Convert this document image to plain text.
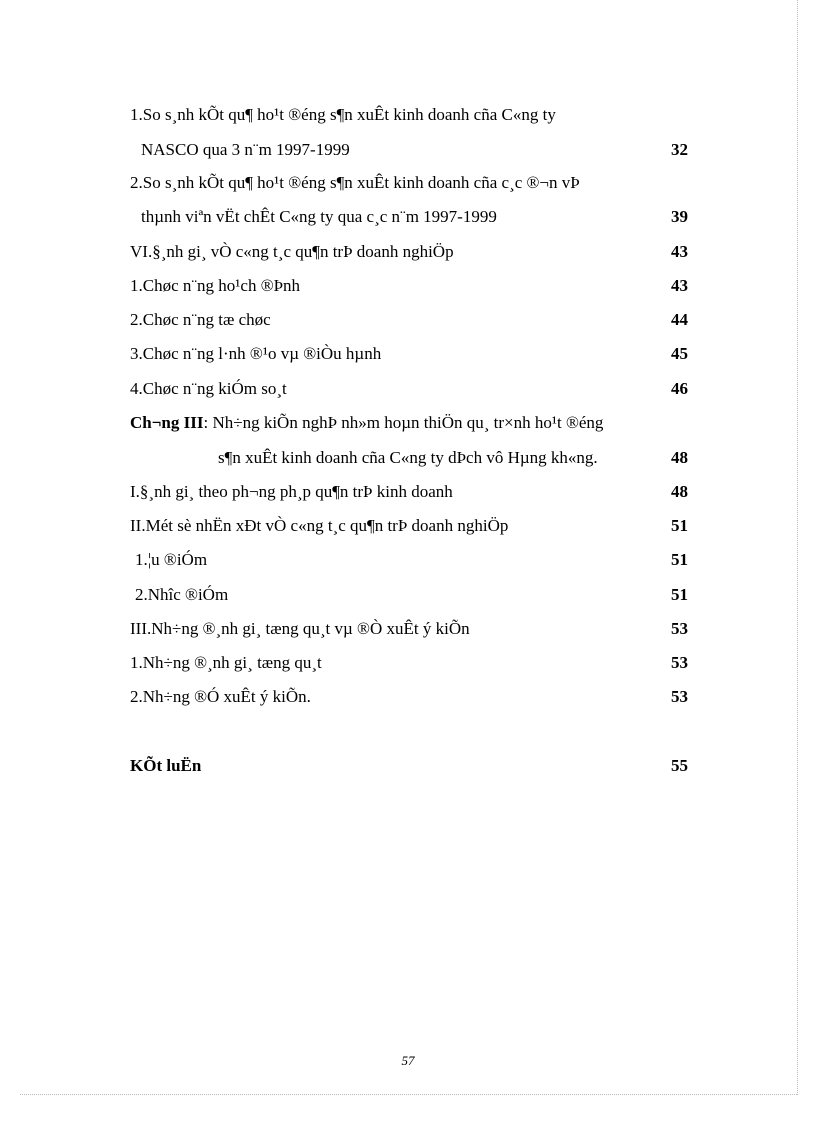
1.So s¸nh kÕt qu¶ ho¹t ®éng s¶n xuÊt kinh doanh cña C«ng ty
NASCO qua 3 n¨m 1997-1999	32
2.So s¸nh kÕt qu¶ ho¹t ®éng s¶n xuÊt kinh doanh cña c¸c ®¬n vÞ
thµnh viªn vËt chÊt C«ng ty qua c¸c n¨m 1997-1999	39
VI.§¸nh gi¸ vÒ c«ng t¸c qu¶n trÞ doanh nghiÖp	43
1.Chøc n¨ng ho¹ch ®Þnh	43
2.Chøc n¨ng tæ chøc	44
3.Chøc n¨ng l·nh ®¹o vµ ®iÒu hµnh	45
4.Chøc n¨ng kiÓm so¸t	46
Ch¬ng III: Nh÷ng kiÕn nghÞ nh»m hoµn thiÖn qu¸ tr×nh ho¹t ®éng
s¶n xuÊt kinh doanh cña C«ng ty dÞch vô Hµng kh«ng.	48
I.§¸nh gi¸ theo ph¬ng ph¸p qu¶n trÞ kinh doanh	48
II.Mét sè nhËn xÐt vÒ c«ng t¸c qu¶n trÞ doanh nghiÖp	51
1.¦u ®iÓm	51
2.Nhîc ®iÓm	51
III.Nh÷ng ®¸nh gi¸ tæng qu¸t vµ ®Ò xuÊt ý kiÕn	53
1.Nh÷ng ®¸nh gi¸ tæng qu¸t	53
2.Nh÷ng ®Ó xuÊt ý kiÕn.	53
KÕt luËn	55
57
